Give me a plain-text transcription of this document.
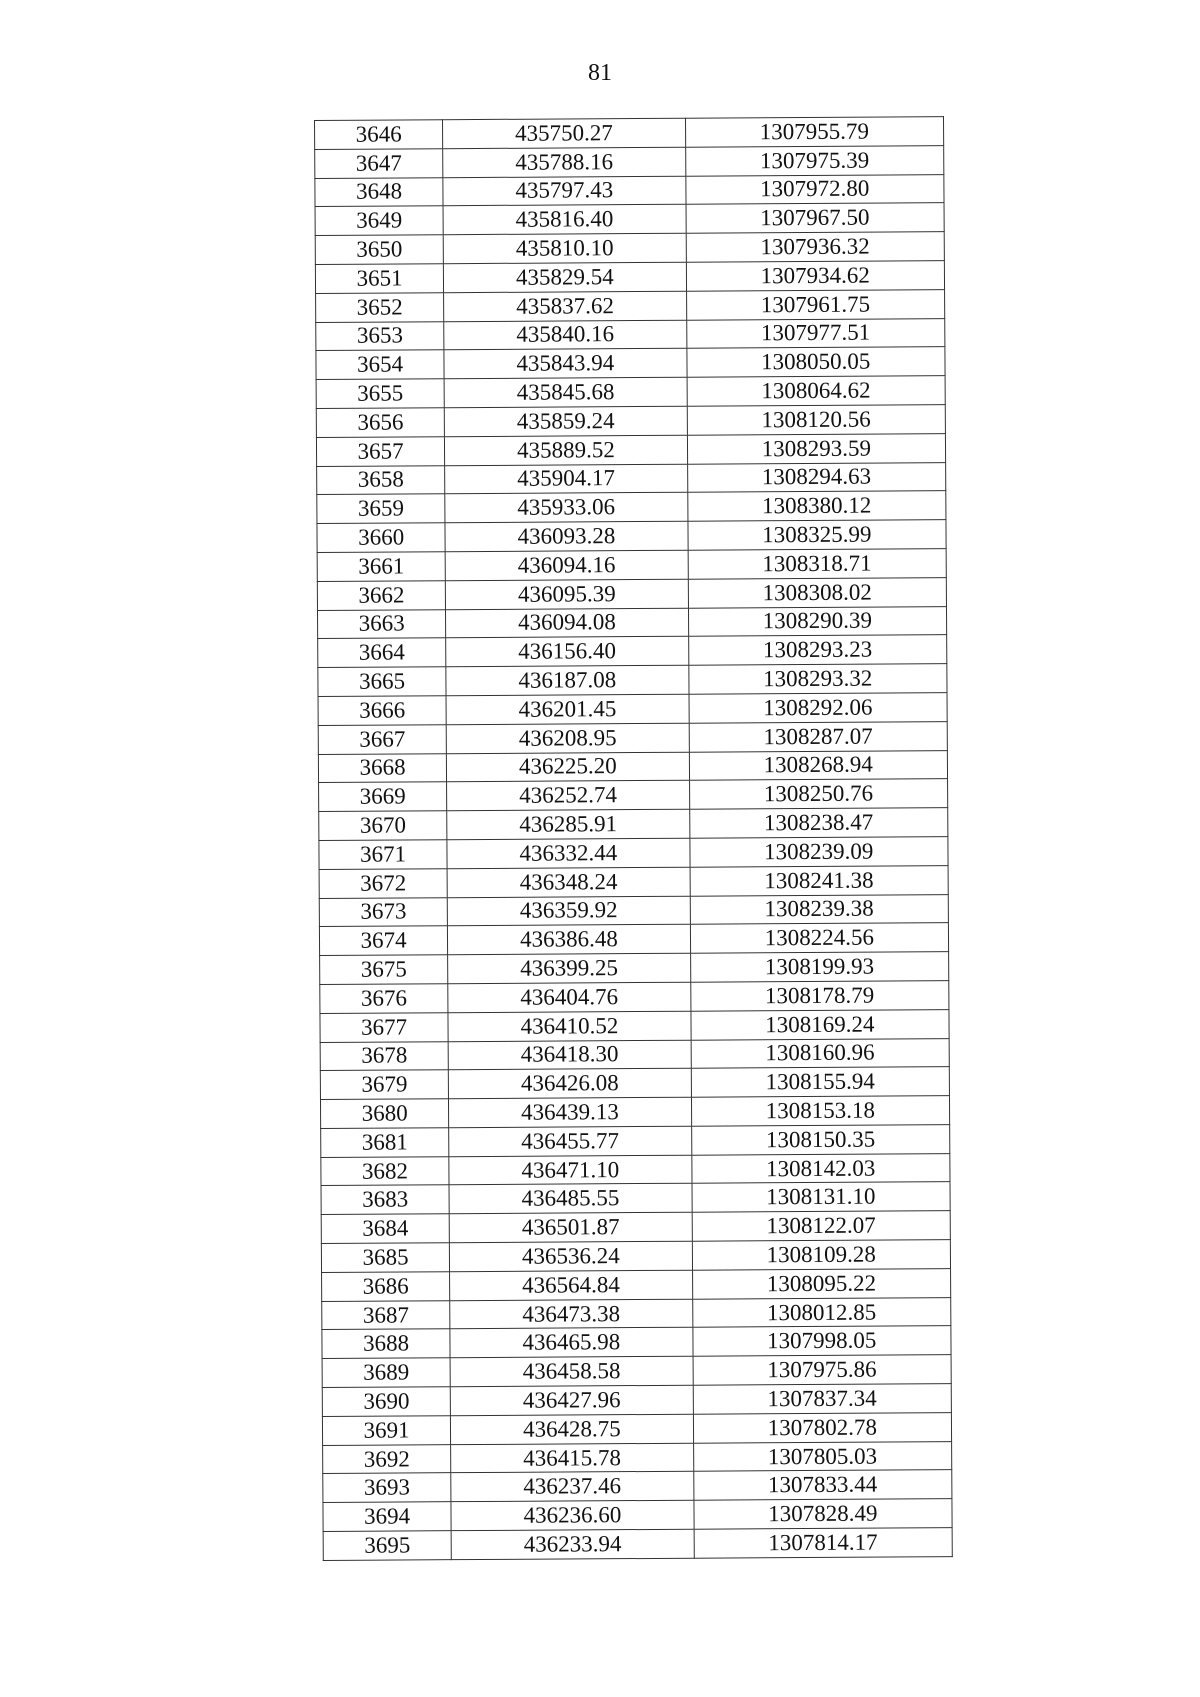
81
3646	435750.27	1307955.79
3647	435788.16	1307975.39
3648	435797.43	1307972.80
3649	435816.40	1307967.50
3650	435810.10	1307936.32
3651	435829.54	1307934.62
3652	435837.62	1307961.75
3653	435840.16	1307977.51
3654	435843.94	1308050.05
3655	435845.68	1308064.62
3656	435859.24	1308120.56
3657	435889.52	1308293.59
3658	435904.17	1308294.63
3659	435933.06	1308380.12
3660	436093.28	1308325.99
3661	436094.16	1308318.71
3662	436095.39	1308308.02
3663	436094.08	1308290.39
3664	436156.40	1308293.23
3665	436187.08	1308293.32
3666	436201.45	1308292.06
3667	436208.95	1308287.07
3668	436225.20	1308268.94
3669	436252.74	1308250.76
3670	436285.91	1308238.47
3671	436332.44	1308239.09
3672	436348.24	1308241.38
3673	436359.92	1308239.38
3674	436386.48	1308224.56
3675	436399.25	1308199.93
3676	436404.76	1308178.79
3677	436410.52	1308169.24
3678	436418.30	1308160.96
3679	436426.08	1308155.94
3680	436439.13	1308153.18
3681	436455.77	1308150.35
3682	436471.10	1308142.03
3683	436485.55	1308131.10
3684	436501.87	1308122.07
3685	436536.24	1308109.28
3686	436564.84	1308095.22
3687	436473.38	1308012.85
3688	436465.98	1307998.05
3689	436458.58	1307975.86
3690	436427.96	1307837.34
3691	436428.75	1307802.78
3692	436415.78	1307805.03
3693	436237.46	1307833.44
3694	436236.60	1307828.49
3695	436233.94	1307814.17
